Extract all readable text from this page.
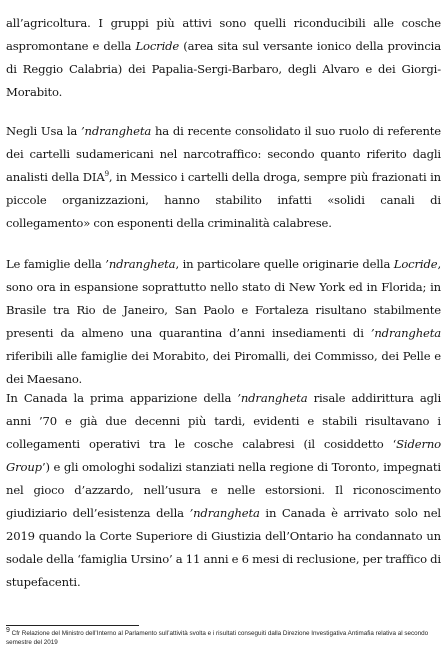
all’agricoltura. I gruppi più attivi sono quelli riconducibili alle cosche aspromontane e della Locride (area sita sul versante ionico della provincia di Reggio Calabria) dei Papalia-Sergi-Barbaro, degli Alvaro e dei Giorgi-Morabito.

Negli Usa la ’ndrangheta ha di recente consolidato il suo ruolo di referente dei cartelli sudamericani nel narcotraffico: secondo quanto riferito dagli analisti della DIA$^9$, in Messico i cartelli della droga, sempre più frazionati in piccole organizzazioni, hanno stabilito infatti «solidi canali di collegamento» con esponenti della criminalità calabrese.

Le famiglie della ’ndrangheta, in particolare quelle originarie della Locride, sono ora in espansione soprattutto nello stato di New York ed in Florida; in Brasile tra Rio de Janeiro, San Paolo e Fortaleza risultano stabilmente presenti da almeno una quarantina d’anni insediamenti di ’ndrangheta riferibili alle famiglie dei Morabito, dei Piromalli, dei Commisso, dei Pelle e dei Maesano.

In Canada la prima apparizione della ’ndrangheta risale addirittura agli anni ’70 e già due decenni più tardi, evidenti e stabili risultavano i collegamenti operativi tra le cosche calabresi (il cosiddetto ‘Siderno Group’) e gli omologhi sodalizi stanziati nella regione di Toronto, impegnati nel gioco d’azzardo, nell’usura e nelle estorsioni. Il riconoscimento giudiziario dell’esistenza della ’ndrangheta in Canada è arrivato solo nel 2019 quando la Corte Superiore di Giustizia dell’Ontario ha condannato un sodale della ‘famiglia Ursino’ a 11 anni e 6 mesi di reclusione, per traffico di stupefacenti.

$^9$ Cfr Relazione del Ministro dell’Interno al Parlamento sull’attività svolta e i risultati conseguiti dalla Direzione Investigativa Antimafia relativa al secondo semestre del 2019
